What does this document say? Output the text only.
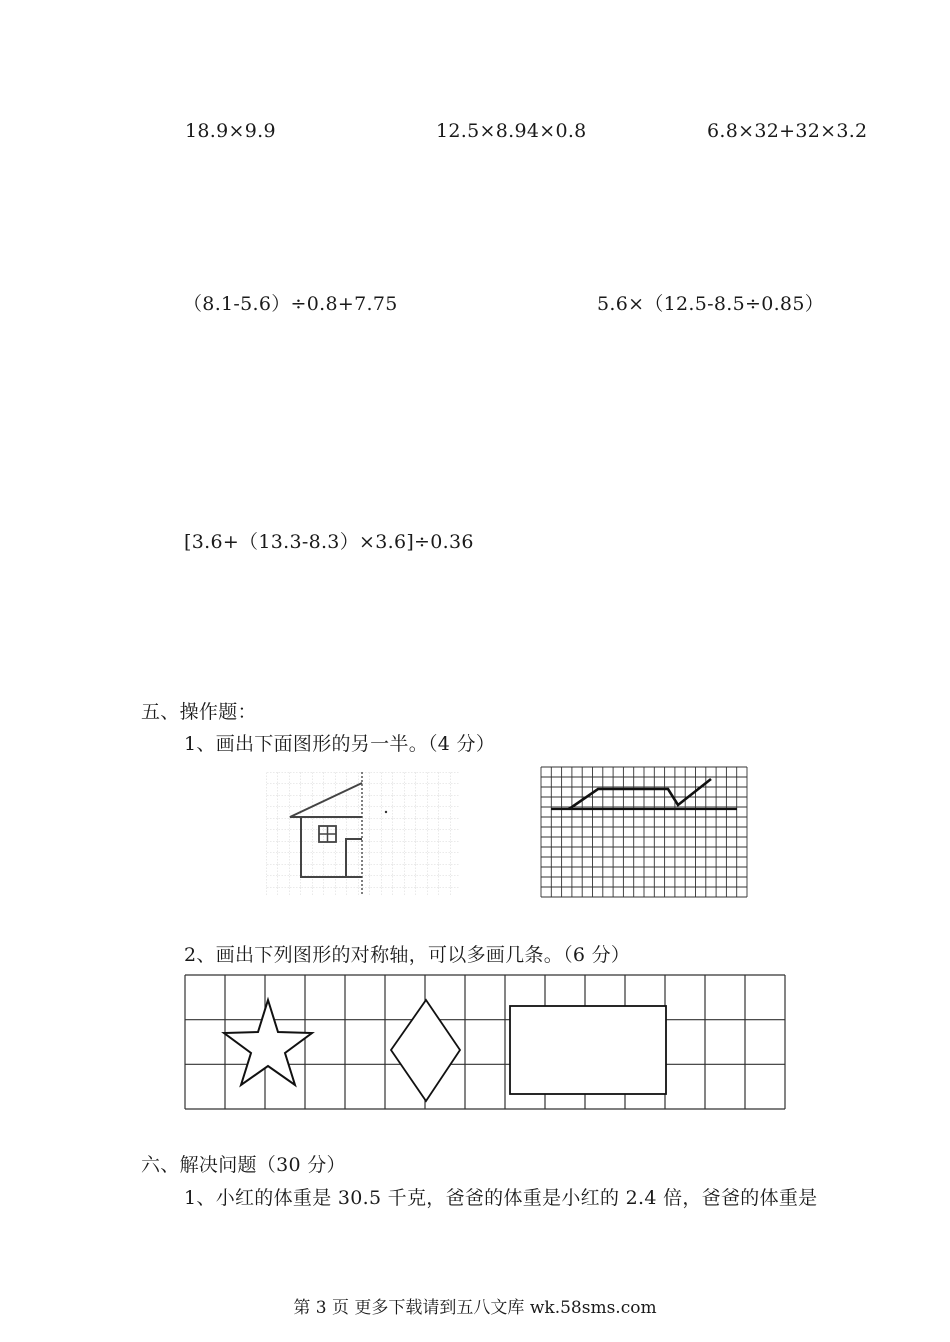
18.9×9.9	12.5×8.94×0.8	6.8×32+32×3.2
（8.1-5.6）÷0.8+7.75	5.6×（12.5-8.5÷0.85）
[3.6+（13.3-8.3）×3.6]÷0.36
五、操作题：
1、画出下面图形的另一半。（4 分）
2、画出下列图形的对称轴，可以多画几条。（6 分）
六、解决问题（30 分）
1、小红的体重是 30.5 千克，爸爸的体重是小红的 2.4 倍，爸爸的体重是
第 3 页 更多下载请到五八文库 wk.58sms.com
